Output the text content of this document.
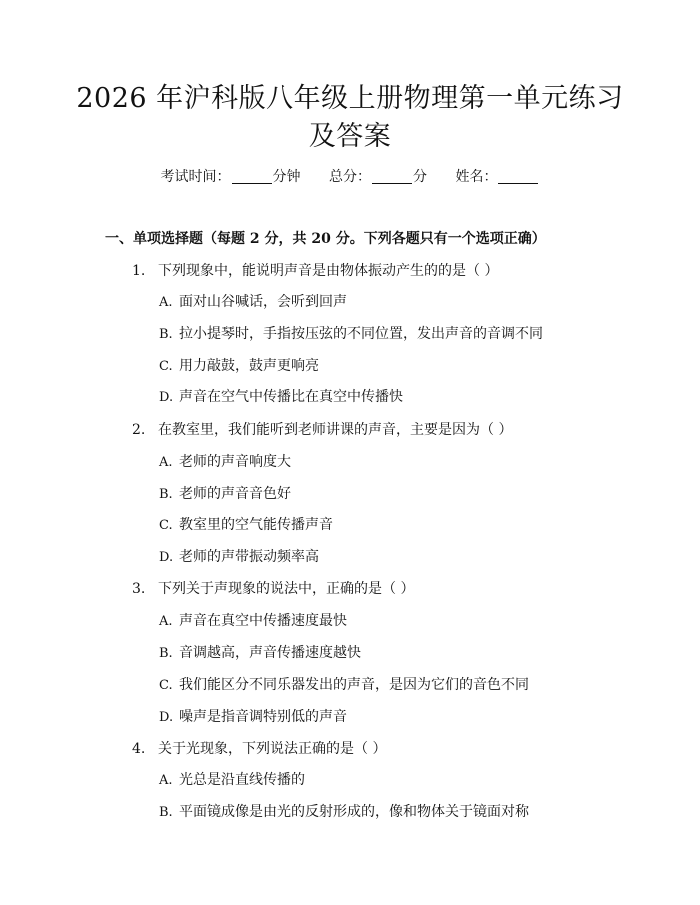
2026 年沪科版八年级上册物理第一单元练习
及答案
考试时间：	分钟 总分：	分 姓名：
一、单项选择题（每题 2 分，共 20 分。下列各题只有一个选项正确）
1. 下列现象中，能说明声音是由物体振动产生的的是（ ）
A. 面对山谷喊话，会听到回声
B. 拉小提琴时，手指按压弦的不同位置，发出声音的音调不同
C. 用力敲鼓，鼓声更响亮
D. 声音在空气中传播比在真空中传播快
2. 在教室里，我们能听到老师讲课的声音，主要是因为（ ）
A. 老师的声音响度大
B. 老师的声音音色好
C. 教室里的空气能传播声音
D. 老师的声带振动频率高
3. 下列关于声现象的说法中，正确的是（ ）
A. 声音在真空中传播速度最快
B. 音调越高，声音传播速度越快
C. 我们能区分不同乐器发出的声音，是因为它们的音色不同
D. 噪声是指音调特别低的声音
4. 关于光现象，下列说法正确的是（ ）
A. 光总是沿直线传播的
B. 平面镜成像是由光的反射形成的，像和物体关于镜面对称
